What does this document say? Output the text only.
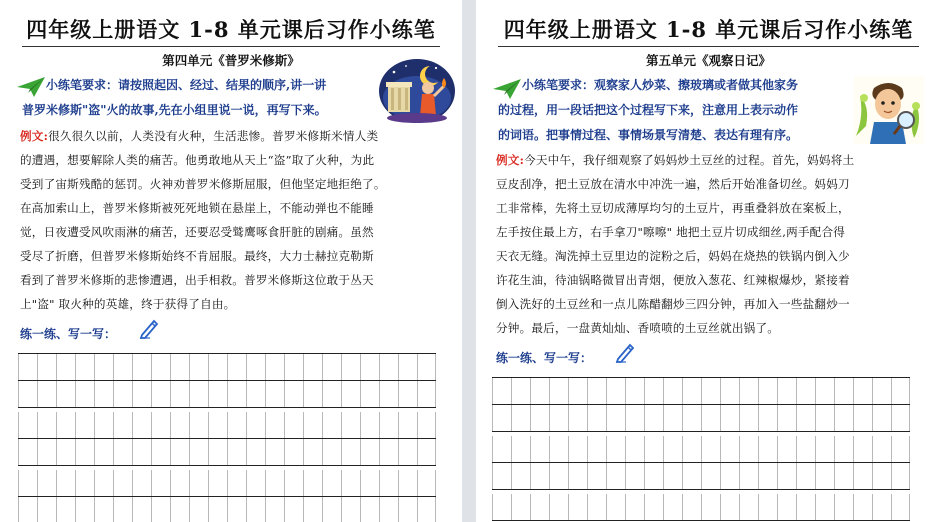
四年级上册语文 1-8 单元课后习作小练笔
第四单元《普罗米修斯》
小练笔要求：请按照起因、经过、结果的顺序,讲一讲
普罗米修斯"盗"火的故事,先在小组里说一说，再写下来。
例文:很久很久以前，人类没有火种，生活悲惨。普罗米修斯米情人类
的遭遇，想要解除人类的痛苦。他勇敢地从天上“盗”取了火种，为此
受到了宙斯残酷的惩罚。火神劝普罗米修斯屈服，但他坚定地拒绝了。
在高加索山上，普罗米修斯被死死地锁在悬崖上，不能动弹也不能睡
觉，日夜遭受风吹雨淋的痛苦，还要忍受鹫鹰啄食肝脏的剧痛。虽然
受尽了折磨，但普罗米修斯始终不肯屈服。最终，大力士赫拉克勒斯
看到了普罗米修斯的悲惨遭遇，出手相救。普罗米修斯这位敢于丛天
上"盗" 取火种的英雄，终于获得了自由。
练一练、写一写：
四年级上册语文 1-8 单元课后习作小练笔
第五单元《观察日记》
小练笔要求：观察家人炒菜、擦玻璃或者做其他家务
的过程，用一段话把这个过程写下来，注意用上表示动作
的词语。把事情过程、事情场景写清楚、表达有理有序。
例文:今天中午，我仔细观察了妈妈炒土豆丝的过程。首先，妈妈将土
豆皮刮净，把土豆放在清水中冲洗一遍，然后开始准备切丝。妈妈刀
工非常棒，先将土豆切成薄厚均匀的土豆片，再重叠斜放在案板上，
左手按住最上方，右手拿刀"嚓嚓" 地把土豆片切成细丝,两手配合得
天衣无缝。淘洗掉土豆里边的淀粉之后，妈妈在烧热的铁锅内倒入少
许花生油，待油锅略微冒出青烟，便放入葱花、红辣椒爆炒，紧接着
倒入洗好的土豆丝和一点儿陈醋翻炒三四分钟，再加入一些盐翻炒一
分钟。最后，一盘黄灿灿、香喷喷的土豆丝就出锅了。
练一练、写一写：
